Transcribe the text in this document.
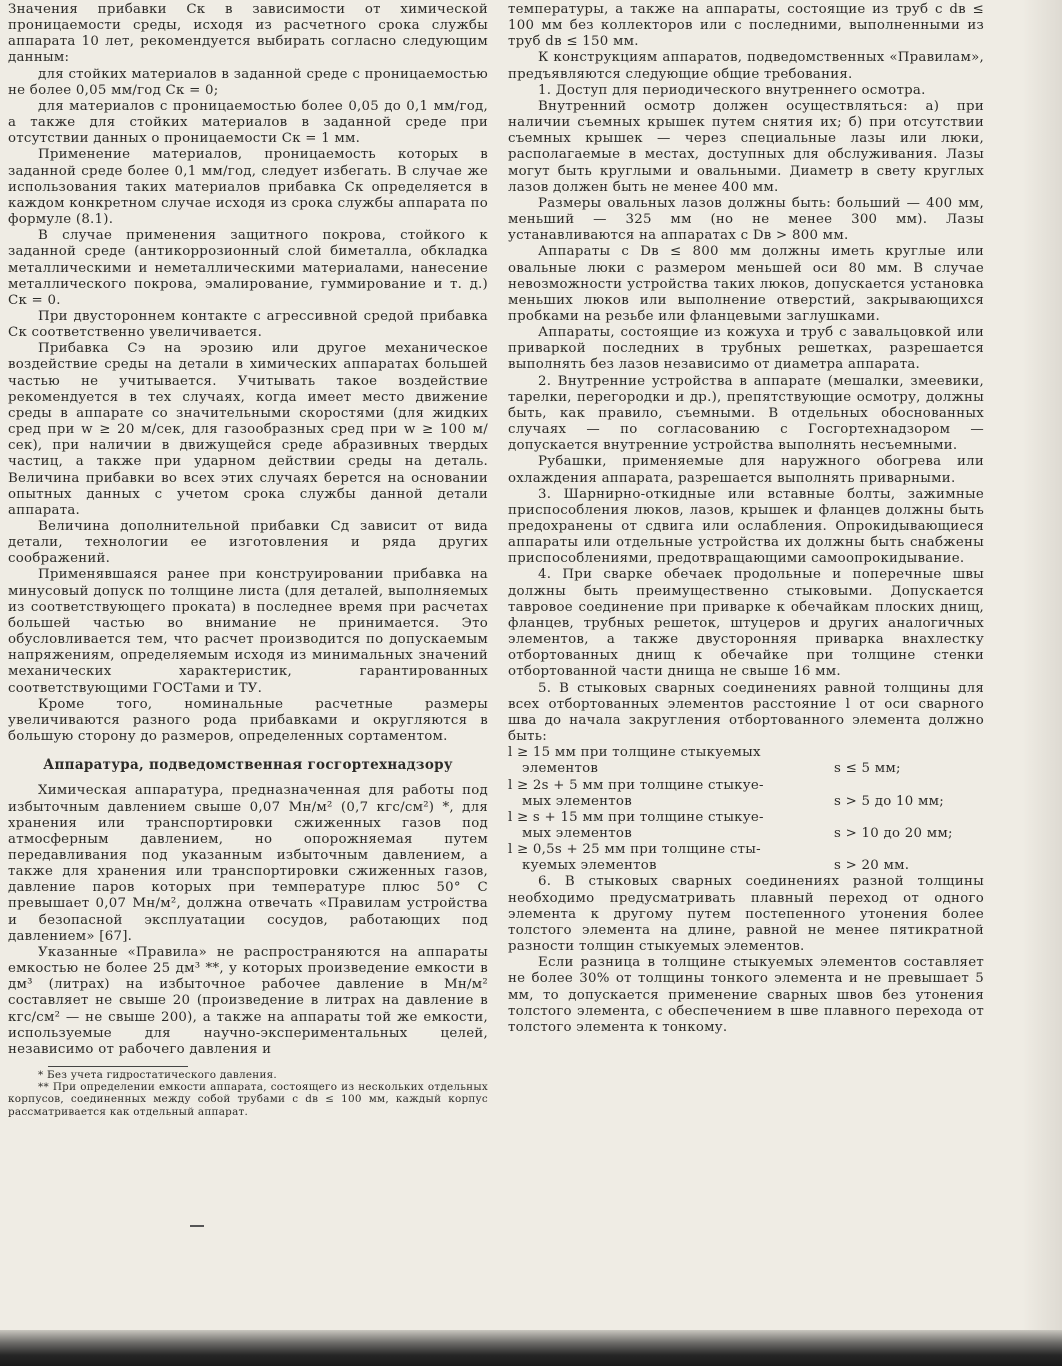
Значения прибавки Cк в зависимости от химической проницаемости среды, исходя из расчетного срока службы аппарата 10 лет, рекомендуется выбирать согласно следующим данным:

для стойких материалов в заданной среде с проницаемостью не более 0,05 мм/год Cк = 0;

для материалов с проницаемостью более 0,05 до 0,1 мм/год, а также для стойких материалов в заданной среде при отсутствии данных о проницаемости Cк = 1 мм.

Применение материалов, проницаемость которых в заданной среде более 0,1 мм/год, следует избегать. В случае же использования таких материалов прибавка Cк определяется в каждом конкретном случае исходя из срока службы аппарата по формуле (8.1).

В случае применения защитного покрова, стойкого к заданной среде (антикоррозионный слой биметалла, обкладка металлическими и неметаллическими материалами, нанесение металлического покрова, эмалирование, гуммирование и т. д.) Cк = 0.

При двустороннем контакте с агрессивной средой прибавка Cк соответственно увеличивается.

Прибавка Cэ на эрозию или другое механическое воздействие среды на детали в химических аппаратах большей частью не учитывается. Учитывать такое воздействие рекомендуется в тех случаях, когда имеет место движение среды в аппарате со значительными скоростями (для жидких сред при w ≥ 20 м/сек, для газообразных сред при w ≥ 100 м/сек), при наличии в движущейся среде абразивных твердых частиц, а также при ударном действии среды на деталь. Величина прибавки во всех этих случаях берется на основании опытных данных с учетом срока службы данной детали аппарата.

Величина дополнительной прибавки Cд зависит от вида детали, технологии ее изготовления и ряда других соображений.

Применявшаяся ранее при конструировании прибавка на минусовый допуск по толщине листа (для деталей, выполняемых из соответствующего проката) в последнее время при расчетах большей частью во внимание не принимается. Это обусловливается тем, что расчет производится по допускаемым напряжениям, определяемым исходя из минимальных значений механических характеристик, гарантированных соответствующими ГОСТами и ТУ.

Кроме того, номинальные расчетные размеры увеличиваются разного рода прибавками и округляются в большую сторону до размеров, определенных сортаментом.

Аппаратура, подведомственная госгортехнадзору

Химическая аппаратура, предназначенная для работы под избыточным давлением свыше 0,07 Мн/м² (0,7 кгс/см²) *, для хранения или транспортировки сжиженных газов под атмосферным давлением, но опорожняемая путем передавливания под указанным избыточным давлением, а также для хранения или транспортировки сжиженных газов, давление паров которых при температуре плюс 50° C превышает 0,07 Мн/м², должна отвечать «Правилам устройства и безопасной эксплуатации сосудов, работающих под давлением» [67].

Указанные «Правила» не распространяются на аппараты емкостью не более 25 дм³ **, у которых произведение емкости в дм³ (литрах) на избыточное рабочее давление в Мн/м² составляет не свыше 20 (произведение в литрах на давление в кгс/см² — не свыше 200), а также на аппараты той же емкости, используемые для научно-экспериментальных целей, независимо от рабочего давления и

* Без учета гидростатического давления.

** При определении емкости аппарата, состоящего из нескольких отдельных корпусов, соединенных между собой трубами с dв ≤ 100 мм, каждый корпус рассматривается как отдельный аппарат.

температуры, а также на аппараты, состоящие из труб с dв ≤ 100 мм без коллекторов или с последними, выполненными из труб dв ≤ 150 мм.

К конструкциям аппаратов, подведомственных «Правилам», предъявляются следующие общие требования.

1. Доступ для периодического внутреннего осмотра.

Внутренний осмотр должен осуществляться: а) при наличии съемных крышек путем снятия их; б) при отсутствии съемных крышек — через специальные лазы или люки, располагаемые в местах, доступных для обслуживания. Лазы могут быть круглыми и овальными. Диаметр в свету круглых лазов должен быть не менее 400 мм.

Размеры овальных лазов должны быть: больший — 400 мм, меньший — 325 мм (но не менее 300 мм). Лазы устанавливаются на аппаратах с Dв > 800 мм.

Аппараты с Dв ≤ 800 мм должны иметь круглые или овальные люки с размером меньшей оси 80 мм. В случае невозможности устройства таких люков, допускается установка меньших люков или выполнение отверстий, закрывающихся пробками на резьбе или фланцевыми заглушками.

Аппараты, состоящие из кожуха и труб с завальцовкой или приваркой последних в трубных решетках, разрешается выполнять без лазов независимо от диаметра аппарата.

2. Внутренние устройства в аппарате (мешалки, змеевики, тарелки, перегородки и др.), препятствующие осмотру, должны быть, как правило, съемными. В отдельных обоснованных случаях — по согласованию с Госгортехнадзором — допускается внутренние устройства выполнять несъемными.

Рубашки, применяемые для наружного обогрева или охлаждения аппарата, разрешается выполнять приварными.

3. Шарнирно-откидные или вставные болты, зажимные приспособления люков, лазов, крышек и фланцев должны быть предохранены от сдвига или ослабления. Опрокидывающиеся аппараты или отдельные устройства их должны быть снабжены приспособлениями, предотвращающими самоопрокидывание.

4. При сварке обечаек продольные и поперечные швы должны быть преимущественно стыковыми. Допускается тавровое соединение при приварке к обечайкам плоских днищ, фланцев, трубных решеток, штуцеров и других аналогичных элементов, а также двусторонняя приварка внахлестку отбортованных днищ к обечайке при толщине стенки отбортованной части днища не свыше 16 мм.

5. В стыковых сварных соединениях равной толщины для всех отбортованных элементов расстояние l от оси сварного шва до начала закругления отбортованного элемента должно быть:

l ≥ 15 мм при толщине стыкуемых
элементов	s ≤ 5 мм;
l ≥ 2s + 5 мм при толщине стыкуе-
мых элементов	s > 5 до 10 мм;
l ≥ s + 15 мм при толщине стыкуе-
мых элементов	s > 10 до 20 мм;
l ≥ 0,5s + 25 мм при толщине сты-
куемых элементов	s > 20 мм.

6. В стыковых сварных соединениях разной толщины необходимо предусматривать плавный переход от одного элемента к другому путем постепенного утонения более толстого элемента на длине, равной не менее пятикратной разности толщин стыкуемых элементов.

Если разница в толщине стыкуемых элементов составляет не более 30% от толщины тонкого элемента и не превышает 5 мм, то допускается применение сварных швов без утонения толстого элемента, с обеспечением в шве плавного перехода от толстого элемента к тонкому.
